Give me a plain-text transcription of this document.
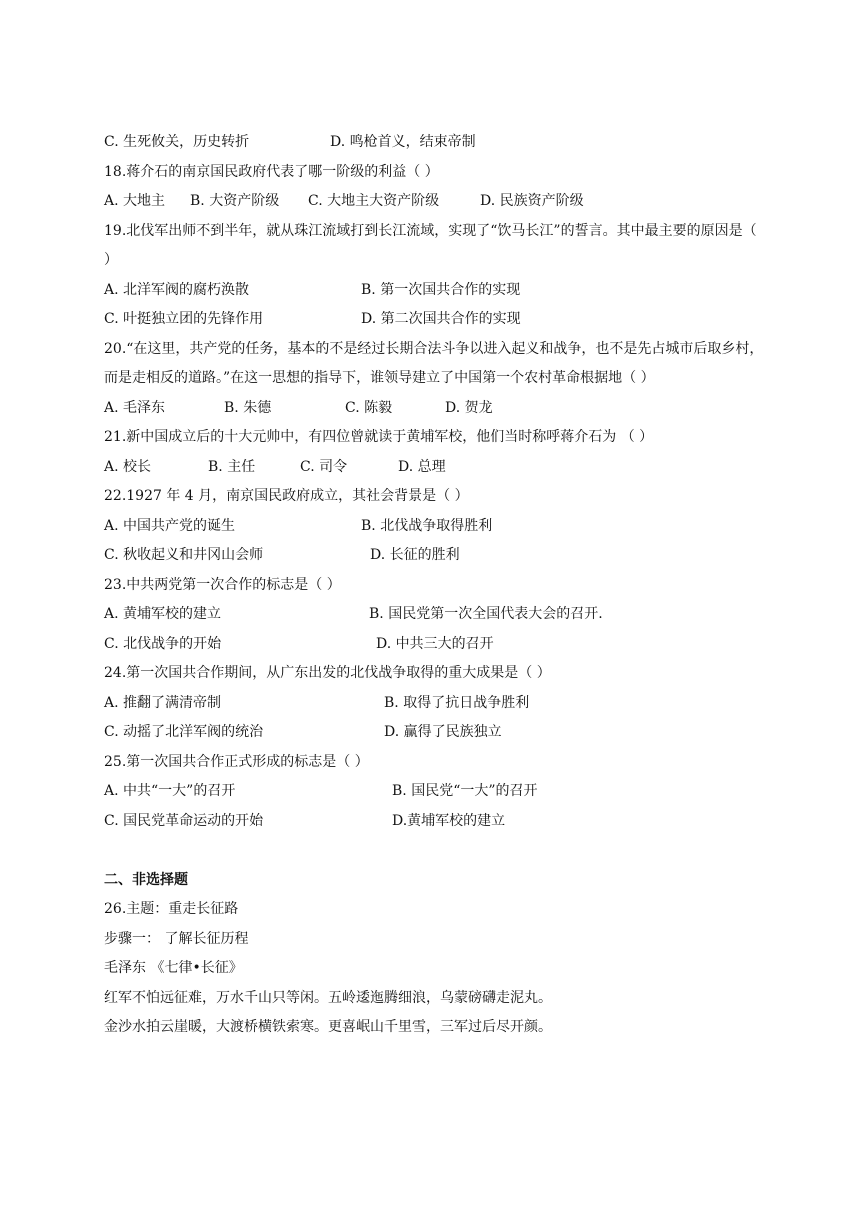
C. 生死攸关，历史转折	D. 鸣枪首义，结束帝制
18.蒋介石的南京国民政府代表了哪一阶级的利益（ ）
A. 大地主 B. 大资产阶级 C. 大地主大资产阶级	D. 民族资产阶级
19.北伐军出师不到半年，就从珠江流域打到长江流域，实现了“饮马长江”的誓言。其中最主要的原因是（ ）
A. 北洋军阀的腐朽涣散	B. 第一次国共合作的实现
C. 叶挺独立团的先锋作用	D. 第二次国共合作的实现
20.“在这里，共产党的任务，基本的不是经过长期合法斗争以进入起义和战争，也不是先占城市后取乡村，而是走相反的道路。”在这一思想的指导下，谁领导建立了中国第一个农村革命根据地（ ）
A. 毛泽东	B. 朱德	C. 陈毅	D. 贺龙
21.新中国成立后的十大元帅中，有四位曾就读于黄埔军校，他们当时称呼蒋介石为 （ ）
A. 校长	B. 主任	C. 司令	D. 总理
22.1927 年 4 月，南京国民政府成立，其社会背景是（ ）
A. 中国共产党的诞生	B. 北伐战争取得胜利
C. 秋收起义和井冈山会师	D. 长征的胜利
23.中共两党第一次合作的标志是（ ）
A. 黄埔军校的建立	B. 国民党第一次全国代表大会的召开.
C. 北伐战争的开始	D. 中共三大的召开
24.第一次国共合作期间，从广东出发的北伐战争取得的重大成果是（ ）
A. 推翻了满清帝制	B. 取得了抗日战争胜利
C. 动摇了北洋军阀的统治	D. 赢得了民族独立
25.第一次国共合作正式形成的标志是（ ）
A. 中共“一大”的召开	B. 国民党“一大”的召开
C. 国民党革命运动的开始	D.黄埔军校的建立
二、非选择题
26.主题：重走长征路
步骤一： 了解长征历程
毛泽东 《七律•长征》
红军不怕远征难，万水千山只等闲。五岭逶迤腾细浪，乌蒙磅礴走泥丸。
金沙水拍云崖暖，大渡桥横铁索寒。更喜岷山千里雪，三军过后尽开颜。
